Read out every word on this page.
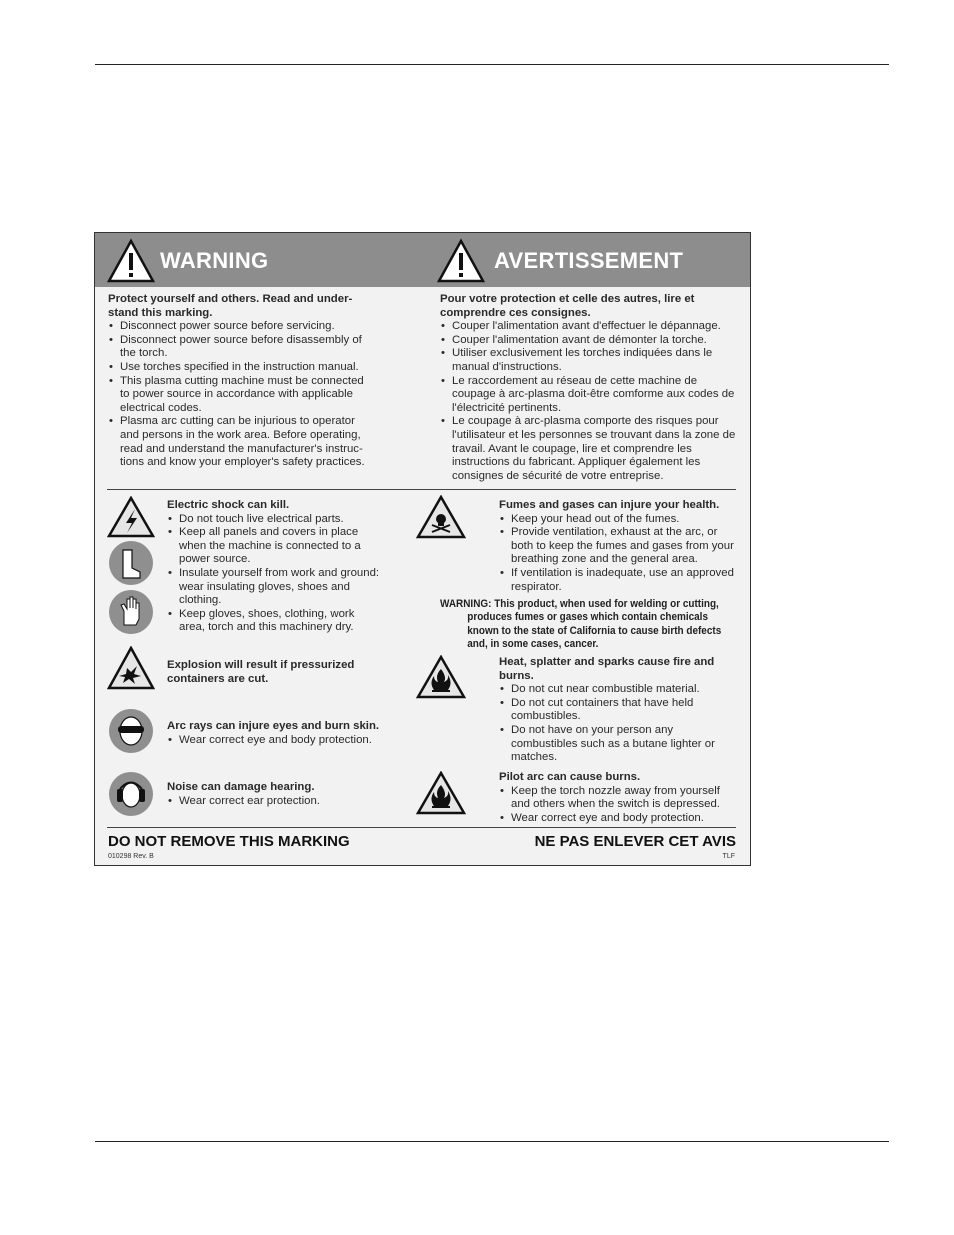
WARNING	AVERTISSEMENT
Protect yourself and others. Read and under-stand this marking.
• Disconnect power source before servicing.
• Disconnect power source before disassembly of the torch.
• Use torches specified in the instruction manual.
• This plasma cutting machine must be connected to power source in accordance with applicable electrical codes.
• Plasma arc cutting can be injurious to operator and persons in the work area. Before operating, read and understand the manufacturer's instruc-tions and know your employer's safety practices.
Pour votre protection et celle des autres, lire et comprendre ces consignes.
• Couper l'alimentation avant d'effectuer le dépannage.
• Couper l'alimentation avant de démonter la torche.
• Utiliser exclusivement les torches indiquées dans le manual d'instructions.
• Le raccordement au réseau de cette machine de coupage à arc-plasma doit-être comforme aux codes de l'électricité pertinents.
• Le coupage à arc-plasma comporte des risques pour l'utilisateur et les personnes se trouvant dans la zone de travail. Avant le coupage, lire et comprendre les instructions du fabricant. Appliquer également les consignes de sécurité de votre entreprise.
Electric shock can kill.
• Do not touch live electrical parts.
• Keep all panels and covers in place when the machine is connected to a power source.
• Insulate yourself from work and ground: wear insulating gloves, shoes and clothing.
• Keep gloves, shoes, clothing, work area, torch and this machinery dry.
Explosion will result if pressurized containers are cut.
Arc rays can injure eyes and burn skin.
• Wear correct eye and body protection.
Noise can damage hearing.
• Wear correct ear protection.
Fumes and gases can injure your health.
• Keep your head out of the fumes.
• Provide ventilation, exhaust at the arc, or both to keep the fumes and gases from your breathing zone and the general area.
• If ventilation is inadequate, use an approved respirator.
WARNING: This product, when used for welding or cutting,
produces fumes or gases which contain chemicals known to the state of California to cause birth defects and, in some cases, cancer.
Heat, splatter and sparks cause fire and burns.
• Do not cut near combustible material.
• Do not cut containers that have held combustibles.
• Do not have on your person any combustibles such as a butane lighter or matches.
Pilot arc can cause burns.
• Keep the torch nozzle away from yourself and others when the switch is depressed.
• Wear correct eye and body protection.
DO NOT REMOVE THIS MARKING	NE PAS ENLEVER CET AVIS
010298 Rev. B	TLF
